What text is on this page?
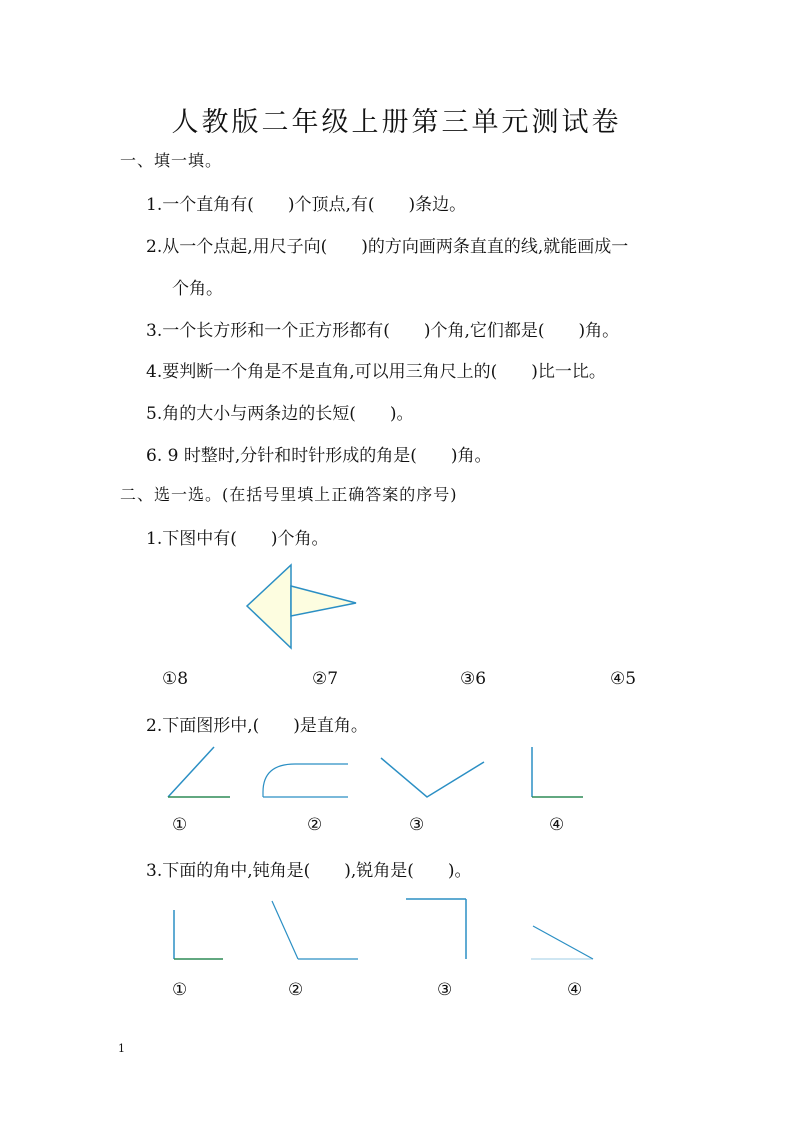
人教版二年级上册第三单元测试卷
一、填一填。
1.一个直角有(　　)个顶点,有(　　)条边。
2.从一个点起,用尺子向(　　)的方向画两条直直的线,就能画成一
个角。
3.一个长方形和一个正方形都有(　　)个角,它们都是(　　)角。
4.要判断一个角是不是直角,可以用三角尺上的(　　)比一比。
5.角的大小与两条边的长短(　　)。
6. 9 时整时,分针和时针形成的角是(　　)角。
二、选一选。(在括号里填上正确答案的序号)
1.下图中有(　　)个角。
①8	②7	③6	④5
2.下面图形中,(　　)是直角。
①	②	③	④
3.下面的角中,钝角是(　　),锐角是(　　)。
①	②	③	④
1
